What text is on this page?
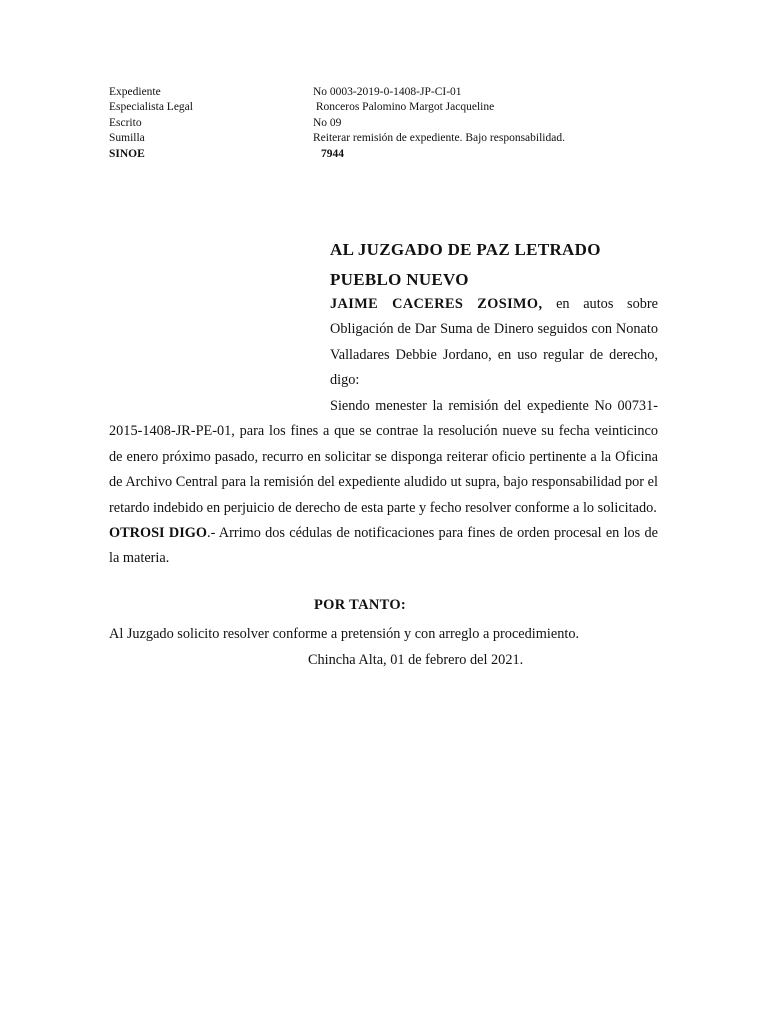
Expediente	No 0003-2019-0-1408-JP-CI-01
Especialista Legal	Ronceros Palomino Margot Jacqueline
Escrito	No 09
Sumilla	Reiterar remisión de expediente. Bajo responsabilidad.
SINOE	7944
AL JUZGADO DE PAZ LETRADO
PUEBLO NUEVO
JAIME CACERES ZOSIMO, en autos sobre Obligación de Dar Suma de Dinero seguidos con Nonato Valladares Debbie Jordano, en uso regular de derecho, digo:

Siendo menester la remisión del expediente No 00731-2015-1408-JR-PE-01, para los fines a que se contrae la resolución nueve su fecha veinticinco de enero próximo pasado, recurro en solicitar se disponga reiterar oficio pertinente a la Oficina de Archivo Central para la remisión del expediente aludido ut supra, bajo responsabilidad por el retardo indebido en perjuicio de derecho de esta parte y fecho resolver conforme a lo solicitado.

OTROSI DIGO.- Arrimo dos cédulas de notificaciones para fines de orden procesal en los de la materia.

POR TANTO:
Al Juzgado solicito resolver conforme a pretensión y con arreglo a procedimiento.
Chincha Alta, 01 de febrero del 2021.
